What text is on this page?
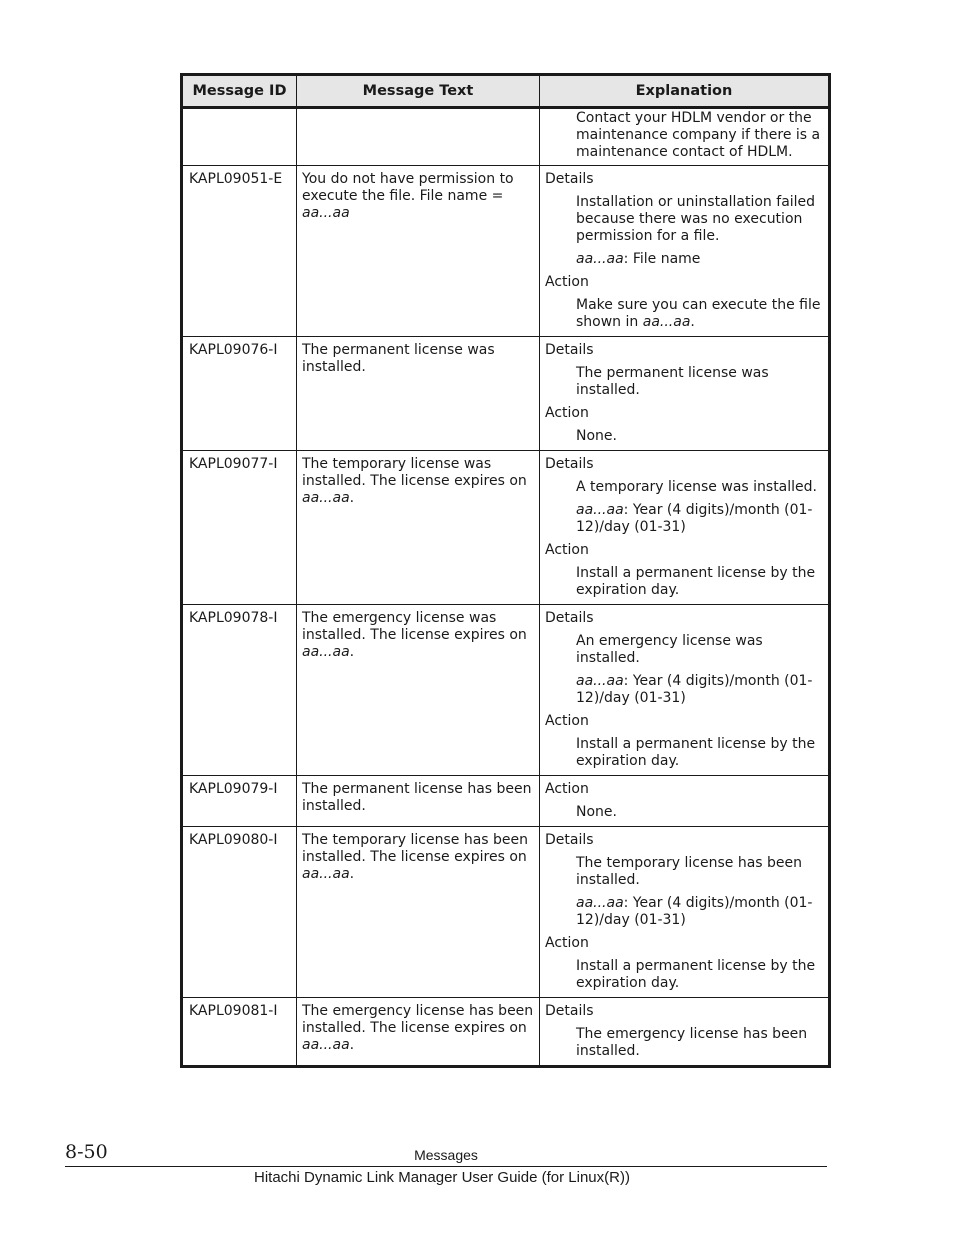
Message ID	Message Text	Explanation

		Contact your HDLM vendor or the maintenance company if there is a maintenance contact of HDLM.

KAPL09051-E	You do not have permission to execute the file. File name = aa...aa	Details
Installation or uninstallation failed because there was no execution permission for a file.
aa...aa: File name
Action
Make sure you can execute the file shown in aa...aa.

KAPL09076-I	The permanent license was installed.	Details
The permanent license was installed.
Action
None.

KAPL09077-I	The temporary license was installed. The license expires on aa...aa.	Details
A temporary license was installed.
aa...aa: Year (4 digits)/month (01-12)/day (01-31)
Action
Install a permanent license by the expiration day.

KAPL09078-I	The emergency license was installed. The license expires on aa...aa.	Details
An emergency license was installed.
aa...aa: Year (4 digits)/month (01-12)/day (01-31)
Action
Install a permanent license by the expiration day.

KAPL09079-I	The permanent license has been installed.	Action
None.

KAPL09080-I	The temporary license has been installed. The license expires on aa...aa.	Details
The temporary license has been installed.
aa...aa: Year (4 digits)/month (01-12)/day (01-31)
Action
Install a permanent license by the expiration day.

KAPL09081-I	The emergency license has been installed. The license expires on aa...aa.	Details
The emergency license has been installed.
8-50	Messages
Hitachi Dynamic Link Manager User Guide (for Linux(R))
